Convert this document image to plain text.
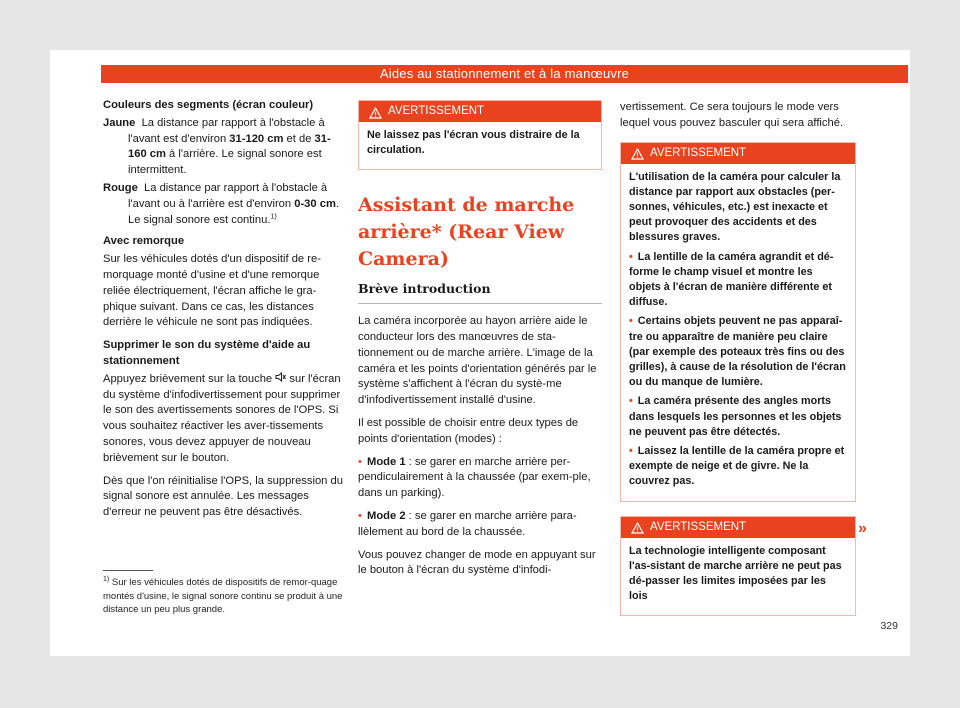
Aides au stationnement et à la manœuvre

Couleurs des segments (écran couleur)

Jaune La distance par rapport à l'obstacle à l'avant est d'environ 31-120 cm et de 31-160 cm à l'arrière. Le signal sonore est intermittent.

Rouge La distance par rapport à l'obstacle à l'avant ou à l'arrière est d'environ 0-30 cm. Le signal sonore est continu.$^{1)}$

Avec remorque

Sur les véhicules dotés d'un dispositif de re-morquage monté d'usine et d'une remorque reliée électriquement, l'écran affiche le gra-phique suivant. Dans ce cas, les distances derrière le véhicule ne sont pas indiquées.

Supprimer le son du système d'aide au stationnement

Appuyez brièvement sur la touche  sur l'écran du système d'infodivertissement pour supprimer le son des avertissements sonores de l'OPS. Si vous souhaitez réactiver les aver-tissements sonores, vous devez appuyer de nouveau brièvement sur le bouton.

Dès que l'on réinitialise l'OPS, la suppression du signal sonore est annulée. Les messages d'erreur ne peuvent pas être désactivés.

$^{1)}$ Sur les véhicules dotés de dispositifs de remor-quage montés d'usine, le signal sonore continu se produit à une distance un peu plus grande.
AVERTISSEMENT

Ne laissez pas l'écran vous distraire de la circulation.

Assistant de marche arrière* (Rear View Camera)
Brève introduction

La caméra incorporée au hayon arrière aide le conducteur lors des manœuvres de sta-tionnement ou de marche arrière. L'image de la caméra et les points d'orientation générés par le système s'affichent à l'écran du systè-me d'infodivertissement installé d'usine.

Il est possible de choisir entre deux types de points d'orientation (modes) :

• Mode 1 : se garer en marche arrière per-pendiculairement à la chaussée (par exem-ple, dans un parking).

• Mode 2 : se garer en marche arrière para-llèlement au bord de la chaussée.

Vous pouvez changer de mode en appuyant sur le bouton à l'écran du système d'infodi-

vertissement. Ce sera toujours le mode vers lequel vous pouvez basculer qui sera affiché.

AVERTISSEMENT

L'utilisation de la caméra pour calculer la distance par rapport aux obstacles (per-sonnes, véhicules, etc.) est inexacte et peut provoquer des accidents et des blessures graves.

• La lentille de la caméra agrandit et dé-forme le champ visuel et montre les objets à l'écran de manière différente et diffuse.

• Certains objets peuvent ne pas apparaî-tre ou apparaître de manière peu claire (par exemple des poteaux très fins ou des grilles), à cause de la résolution de l'écran ou du manque de lumière.

• La caméra présente des angles morts dans lesquels les personnes et les objets ne peuvent pas être détectés.

• Laissez la lentille de la caméra propre et exempte de neige et de givre. Ne la couvrez pas.

AVERTISSEMENT

La technologie intelligente composant l'as-sistant de marche arrière ne peut pas dé-passer les limites imposées par les lois

»
329
